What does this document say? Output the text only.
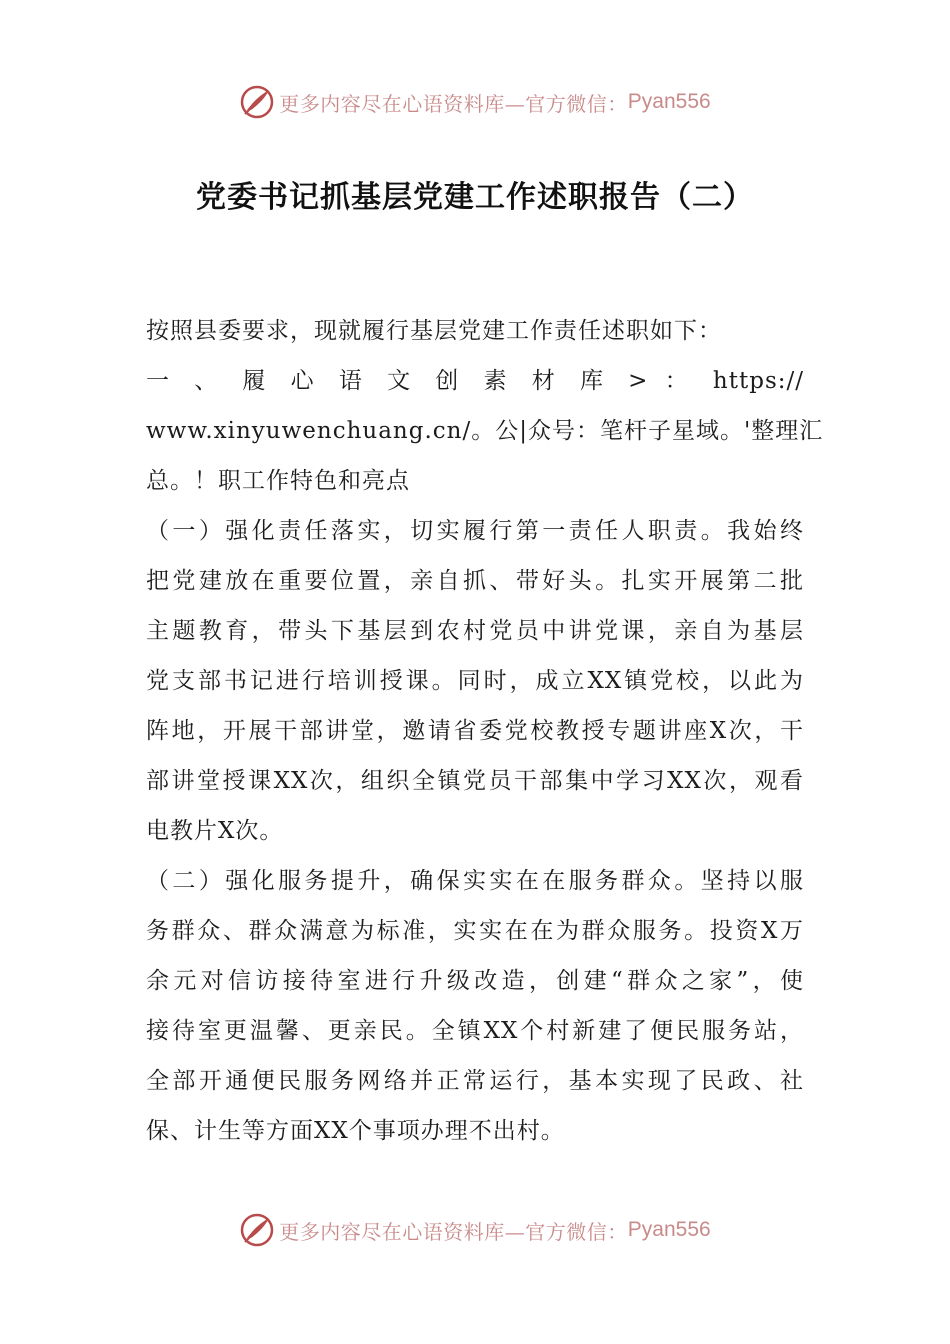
更多内容尽在心语资料库—官方微信： Pyan556
党委书记抓基层党建工作述职报告（二）
按照县委要求，现就履行基层党建工作责任述职如下：
一 、 履 心 语 文 创 素 材 库 > ： https://
www.xinyuwenchuang.cn/。公|众号：笔杆子星域。'整理汇
总。！职工作特色和亮点
（一）强化责任落实，切实履行第一责任人职责。我始终
把党建放在重要位置，亲自抓、带好头。扎实开展第二批
主题教育，带头下基层到农村党员中讲党课，亲自为基层
党支部书记进行培训授课。同时，成立XX镇党校，以此为
阵地，开展干部讲堂，邀请省委党校教授专题讲座X次，干
部讲堂授课XX次，组织全镇党员干部集中学习XX次，观看
电教片X次。
（二）强化服务提升，确保实实在在服务群众。坚持以服
务群众、群众满意为标准，实实在在为群众服务。投资X万
余元对信访接待室进行升级改造，创建“群众之家”，使
接待室更温馨、更亲民。全镇XX个村新建了便民服务站，
全部开通便民服务网络并正常运行，基本实现了民政、社
保、计生等方面XX个事项办理不出村。
更多内容尽在心语资料库—官方微信： Pyan556
